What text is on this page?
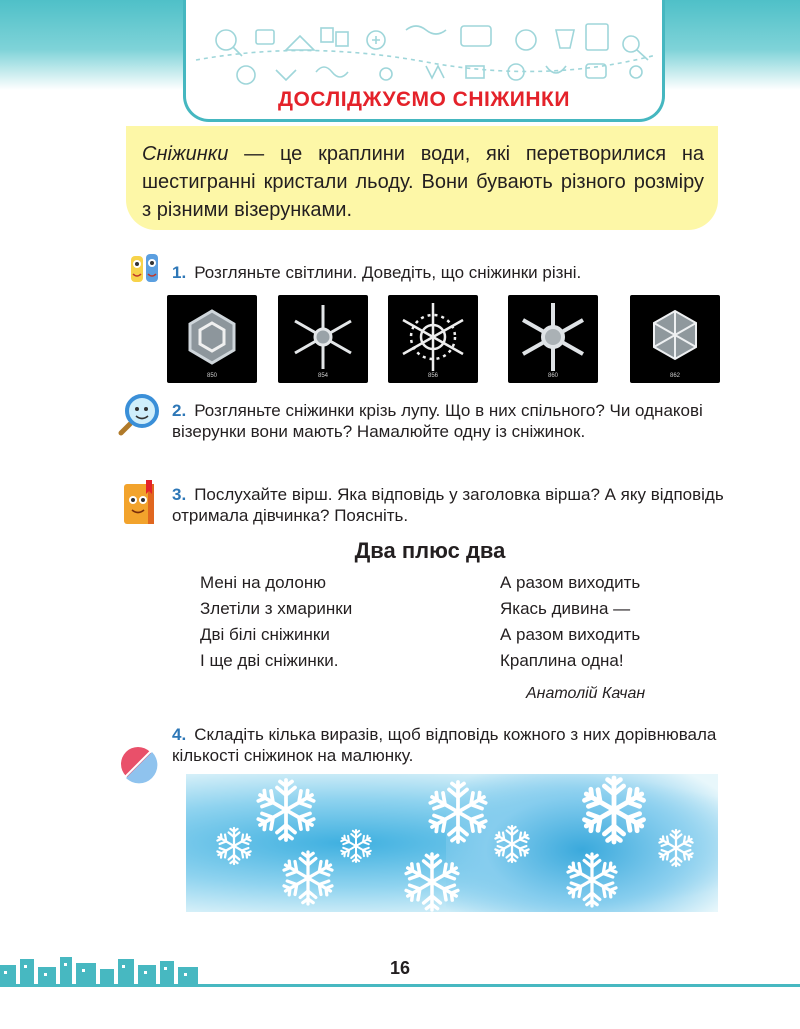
ДОСЛІДЖУЄМО СНІЖИНКИ
Сніжинки — це краплини води, які перетворилися на шестигранні кристали льоду. Вони бувають різного розміру з різними візерунками.
1. Розгляньте світлини. Доведіть, що сніжинки різні.
850	854	856	860	862
2. Розгляньте сніжинки крізь лупу. Що в них спільного? Чи однакові візерунки вони мають? Намалюйте одну із сніжинок.
3. Послухайте вірш. Яка відповідь у заголовка вірша? А яку відповідь отримала дівчинка? Поясніть.
Два плюс два
Мені на долоню
Злетіли з хмаринки
Дві білі сніжинки
І ще дві сніжинки.
А разом виходить
Якась дивина —
А разом виходить
Краплина одна!
Анатолій Качан
4. Складіть кілька виразів, щоб відповідь кожного з них дорівнювала кількості сніжинок на малюнку.
16
